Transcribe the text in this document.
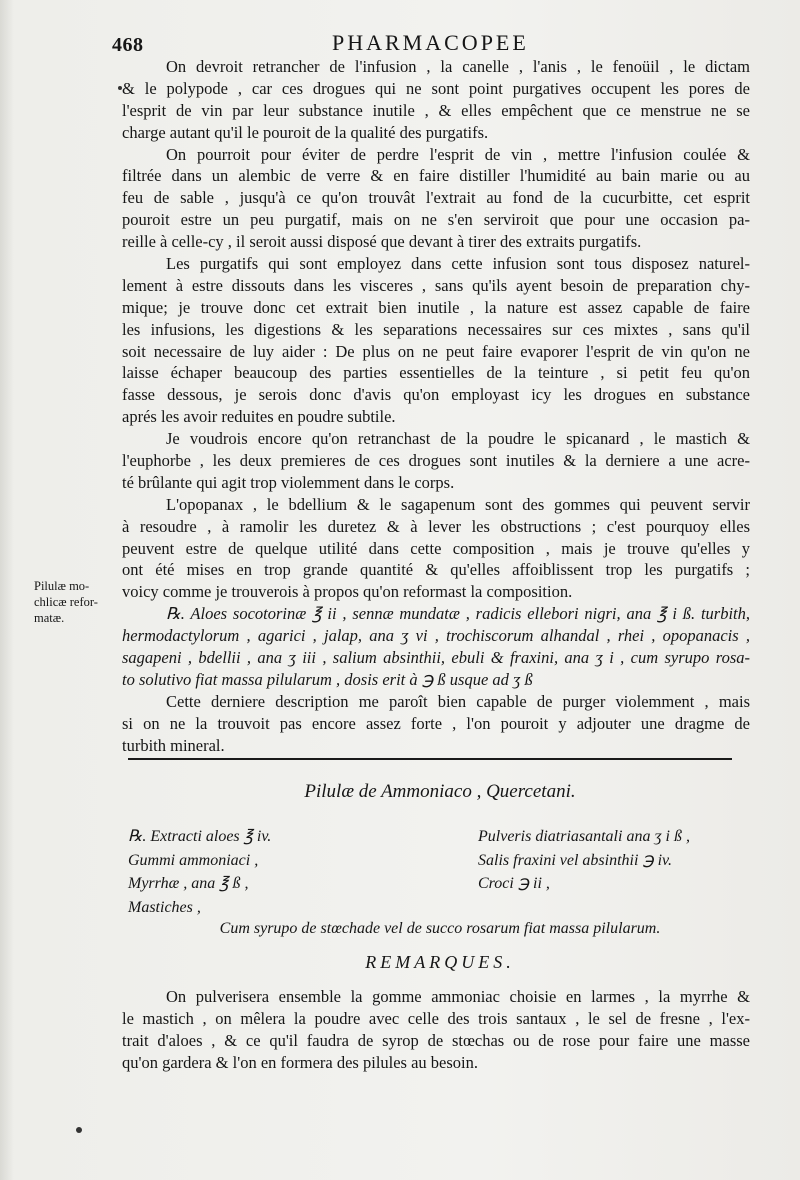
468	PHARMACOPEE
On devroit retrancher de l'infusion , la canelle , l'anis , le fenoüil , le dictam
& le polypode , car ces drogues qui ne sont point purgatives occupent les pores de
l'esprit de vin par leur substance inutile , & elles empêchent que ce menstrue ne se
charge autant qu'il le pouroit de la qualité des purgatifs.
On pourroit pour éviter de perdre l'esprit de vin , mettre l'infusion coulée &
filtrée dans un alembic de verre & en faire distiller l'humidité au bain marie ou au
feu de sable , jusqu'à ce qu'on trouvât l'extrait au fond de la cucurbitte, cet esprit
pouroit estre un peu purgatif, mais on ne s'en serviroit que pour une occasion pa-
reille à celle-cy , il seroit aussi disposé que devant à tirer des extraits purgatifs.
Les purgatifs qui sont employez dans cette infusion sont tous disposez naturel-
lement à estre dissouts dans les visceres , sans qu'ils ayent besoin de preparation chy-
mique; je trouve donc cet extrait bien inutile , la nature est assez capable de faire
les infusions, les digestions & les separations necessaires sur ces mixtes , sans qu'il
soit necessaire de luy aider : De plus on ne peut faire evaporer l'esprit de vin qu'on ne
laisse échaper beaucoup des parties essentielles de la teinture , si petit feu qu'on
fasse dessous, je serois donc d'avis qu'on employast icy les drogues en substance
aprés les avoir reduites en poudre subtile.
Je voudrois encore qu'on retranchast de la poudre le spicanard , le mastich &
l'euphorbe , les deux premieres de ces drogues sont inutiles & la derniere a une acre-
té brûlante qui agit trop violemment dans le corps.
L'opopanax , le bdellium & le sagapenum sont des gommes qui peuvent servir
à resoudre , à ramolir les duretez & à lever les obstructions ; c'est pourquoy elles
peuvent estre de quelque utilité dans cette composition , mais je trouve qu'elles y
ont été mises en trop grande quantité & qu'elles affoiblissent trop les purgatifs ;
voicy comme je trouverois à propos qu'on reformast la composition.
℞. Aloes socotorinæ ℥ ii , sennæ mundatæ , radicis ellebori nigri, ana ℥ i ß. turbith,
hermodactylorum , agarici , jalap, ana ʒ vi , trochiscorum alhandal , rhei , opopanacis ,
sagapeni , bdellii , ana ʒ iii , salium absinthii, ebuli & fraxini, ana ʒ i , cum syrupo rosa-
to solutivo fiat massa pilularum , dosis erit à ℈ ß usque ad ʒ ß
Cette derniere description me paroît bien capable de purger violemment , mais
si on ne la trouvoit pas encore assez forte , l'on pouroit y adjouter une dragme de
turbith mineral.
Pilulæ mo-
chlicæ refor-
matæ.
Pilulæ de Ammoniaco , Quercetani.
℞. Extracti aloes ℥ iv.
Gummi ammoniaci ,
Myrrhæ , ana ℥ ß ,
Mastiches ,
Pulveris diatriasantali ana ʒ i ß ,
Salis fraxini vel absinthii ℈ iv.
Croci ℈ ii ,
Cum syrupo de stœchade vel de succo rosarum fiat massa pilularum.
REMARQUES.
On pulverisera ensemble la gomme ammoniac choisie en larmes , la myrrhe &
le mastich , on mêlera la poudre avec celle des trois santaux , le sel de fresne , l'ex-
trait d'aloes , & ce qu'il faudra de syrop de stœchas ou de rose pour faire une masse
qu'on gardera & l'on en formera des pilules au besoin.
